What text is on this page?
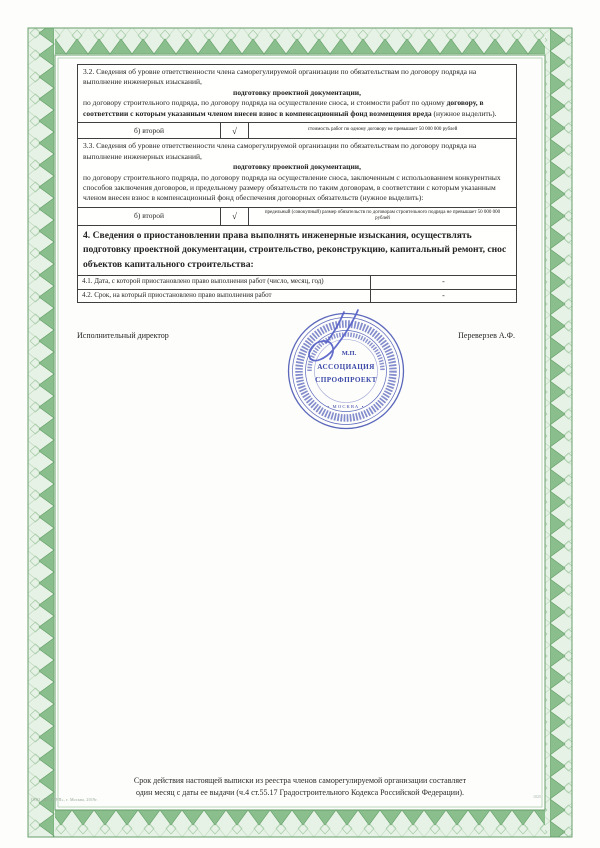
3.2. Сведения об уровне ответственности члена саморегулируемой организации по обязательствам по договору подряда на выполнение инженерных изысканий,
подготовку проектной документации,
по договору строительного подряда, по договору подряда на осуществление сноса, и стоимости работ по одному договору, в соответствии с которым указанным членом внесен взнос в компенсационный фонд возмещения вреда (нужное выделить).
б) второй	√	стоимость работ по одному договору не превышает 50 000 000 рублей
3.3. Сведения об уровне ответственности члена саморегулируемой организации по обязательствам по договору подряда на выполнение инженерных изысканий,
подготовку проектной документации,
по договору строительного подряда, по договору подряда на осуществление сноса, заключенным с использованием конкурентных способов заключения договоров, и предельному размеру обязательств по таким договорам, в соответствии с которым указанным членом внесен взнос в компенсационный фонд обеспечения договорных обязательств (нужное выделить):
б) второй	√	предельный (совокупный) размер обязательств по договорам строительного подряда не превышает 50 000 000 рублей
4. Сведения о приостановлении права выполнять инженерные изыскания, осуществлять подготовку проектной документации, строительство, реконструкцию, капитальный ремонт, снос объектов капитального строительства:
4.1. Дата, с которой приостановлено право выполнения работ (число, месяц, год)	-
4.2. Срок, на который приостановлено право выполнения работ	-
Исполнительный директор	Переверзев А.Ф.
М.П.
АССОЦИАЦИЯ
СПРОФПРОЕКТ
• МОСКВА •
Срок действия настоящей выписки из реестра членов саморегулируемой организации составляет
один месяц с даты ее выдачи (ч.4 ст.55.17 Градостроительного Кодекса Российской Федерации).
ООО «ИТ ГРУП», г. Москва, 2019г.
1025
